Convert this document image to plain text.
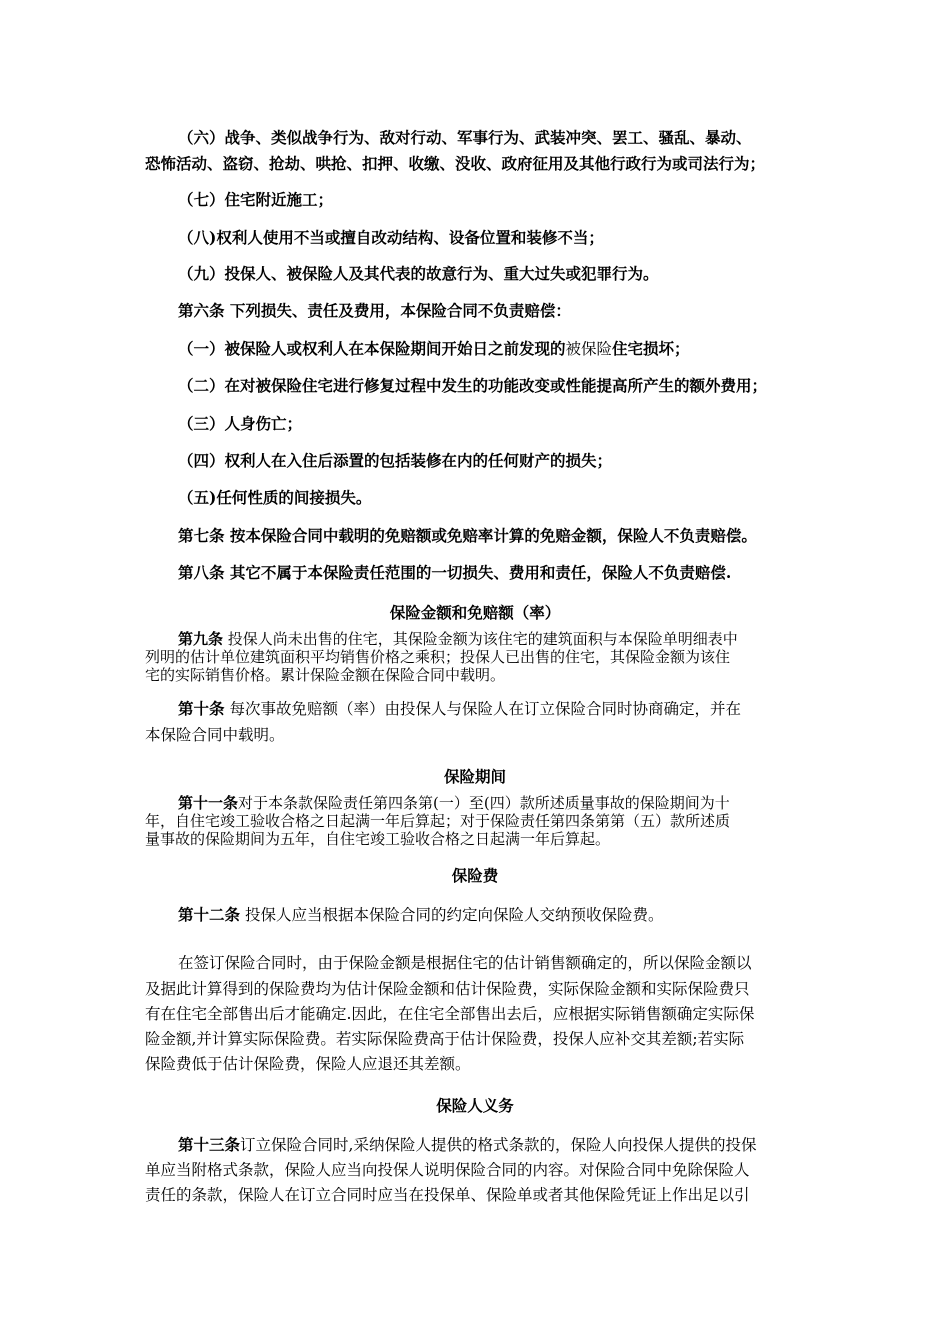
（六）战争、类似战争行为、敌对行动、军事行为、武装冲突、罢工、骚乱、暴动、
恐怖活动、盗窃、抢劫、哄抢、扣押、收缴、没收、政府征用及其他行政行为或司法行为；
（七）住宅附近施工；
（八)权利人使用不当或擅自改动结构、设备位置和装修不当；
（九）投保人、被保险人及其代表的故意行为、重大过失或犯罪行为。
第六条 下列损失、责任及费用，本保险合同不负责赔偿：
（一）被保险人或权利人在本保险期间开始日之前发现的被保险住宅损坏；
（二）在对被保险住宅进行修复过程中发生的功能改变或性能提高所产生的额外费用；
（三）人身伤亡；
（四）权利人在入住后添置的包括装修在内的任何财产的损失；
（五)任何性质的间接损失。
第七条 按本保险合同中载明的免赔额或免赔率计算的免赔金额，保险人不负责赔偿。
第八条 其它不属于本保险责任范围的一切损失、费用和责任，保险人不负责赔偿.
保险金额和免赔额（率）
第九条 投保人尚未出售的住宅，其保险金额为该住宅的建筑面积与本保险单明细表中
列明的估计单位建筑面积平均销售价格之乘积；投保人已出售的住宅，其保险金额为该住
宅的实际销售价格。累计保险金额在保险合同中载明。
第十条 每次事故免赔额（率）由投保人与保险人在订立保险合同时协商确定，并在
本保险合同中载明。
保险期间
第十一条对于本条款保险责任第四条第(一）至(四）款所述质量事故的保险期间为十
年，自住宅竣工验收合格之日起满一年后算起；对于保险责任第四条第第（五）款所述质
量事故的保险期间为五年，自住宅竣工验收合格之日起满一年后算起。
保险费
第十二条 投保人应当根据本保险合同的约定向保险人交纳预收保险费。
在签订保险合同时，由于保险金额是根据住宅的估计销售额确定的，所以保险金额以
及据此计算得到的保险费均为估计保险金额和估计保险费，实际保险金额和实际保险费只
有在住宅全部售出后才能确定.因此，在住宅全部售出去后，应根据实际销售额确定实际保
险金额,并计算实际保险费。若实际保险费高于估计保险费，投保人应补交其差额;若实际
保险费低于估计保险费，保险人应退还其差额。
保险人义务
第十三条订立保险合同时,采纳保险人提供的格式条款的，保险人向投保人提供的投保
单应当附格式条款，保险人应当向投保人说明保险合同的内容。对保险合同中免除保险人
责任的条款，保险人在订立合同时应当在投保单、保险单或者其他保险凭证上作出足以引
